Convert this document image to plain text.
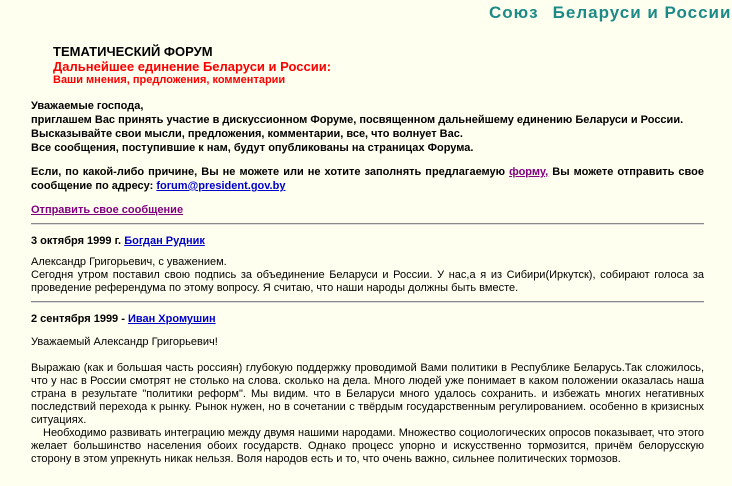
Союз Беларуси и России
ТЕМАТИЧЕСКИЙ ФОРУМ
Дальнейшее единение Беларуси и России:
Ваши мнения, предложения, комментарии

Уважаемые господа,

приглашем Вас принять участие в дискуссионном Форуме, посвященном дальнейшему единению Беларуси и России.

Высказывайте свои мысли, предложения, комментарии, все, что волнует Вас.

Все сообщения, поступившие к нам, будут опубликованы на страницах Форума.

Если, по какой-либо причине, Вы не можете или не хотите заполнять предлагаемую форму, Вы можете отправить свое сообщение по адресу: forum@president.gov.by

Отправить свое сообщение
3 октября 1999 г. Богдан Рудник

Александр Григорьевич, с уважением.

Сегодня утром поставил свою подпись за объединение Беларуси и России. У нас,а я из Сибири(Иркутск), собирают голоса за проведение референдума по этому вопросу. Я считаю, что наши народы должны быть вместе.

2 сентября 1999 - Иван Хромушин
Уважаемый Александр Григорьевич!

Выражаю (как и большая часть россиян) глубокую поддержку проводимой Вами политики в Республике Беларусь.Так сложилось, что у нас в России смотрят не столько на слова. сколько на дела. Много людей уже понимает в каком положении оказалась наша страна в результате "политики реформ". Мы видим. что в Беларуси много удалось сохранить. и избежать многих негативных последствий перехода к рынку. Рынок нужен, но в сочетании с твёрдым государственным регулированием. особенно в кризисных ситуациях.

Необходимо развивать интеграцию между двумя нашими народами. Множество социологических опросов показывает, что этого желает большинство населения обоих государств. Однако процесс упорно и искусственно тормозится, причём белорусскую сторону в этом упрекнуть никак нельзя. Воля народов есть и то, что очень важно, сильнее политических тормозов.
